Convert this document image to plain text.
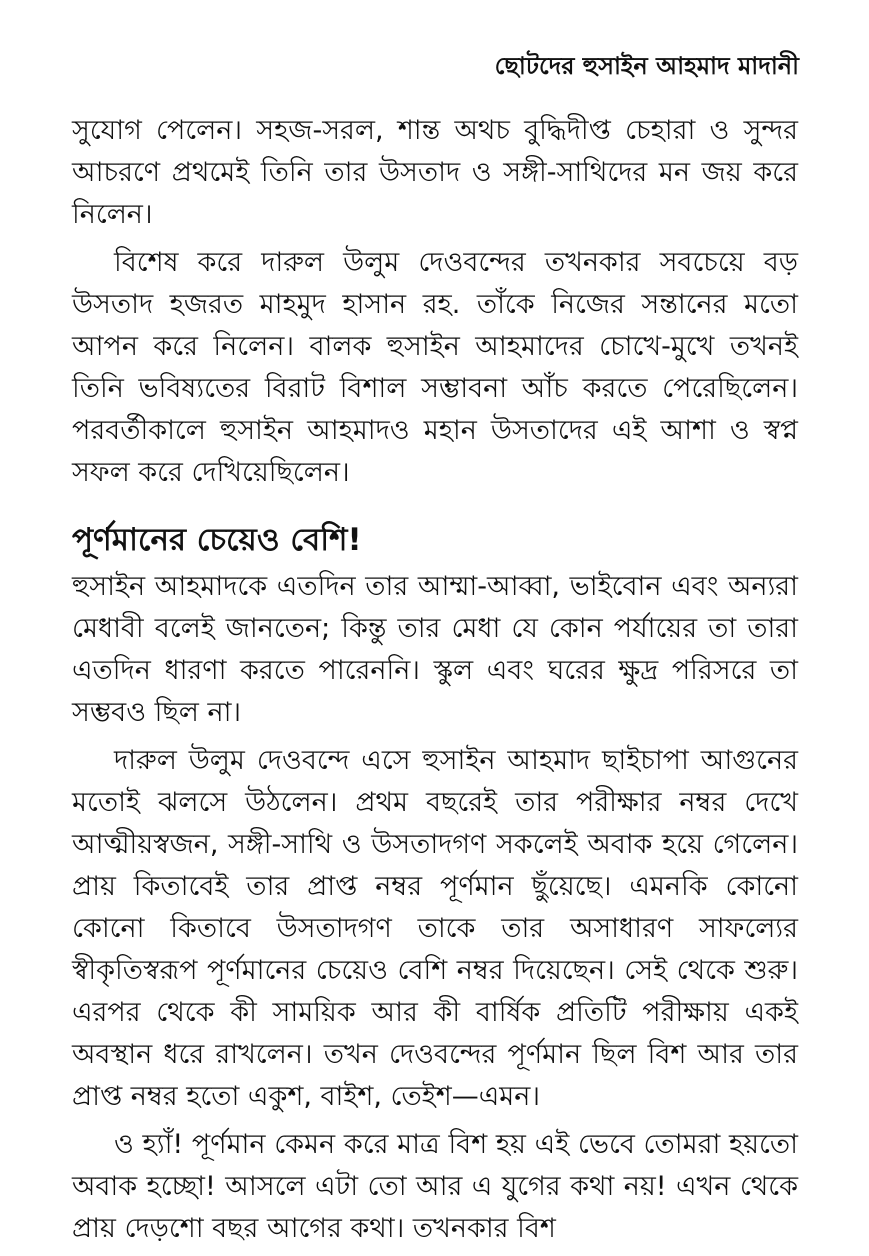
ছোটদের হুসাইন আহমাদ মাদানী

সুযোগ পেলেন। সহজ-সরল, শান্ত অথচ বুদ্ধিদীপ্ত চেহারা ও সুন্দর আচরণে প্রথমেই তিনি তার উসতাদ ও সঙ্গী-সাথিদের মন জয় করে নিলেন।

বিশেষ করে দারুল উলুম দেওবন্দের তখনকার সবচেয়ে বড় উসতাদ হজরত মাহমুদ হাসান রহ. তাঁকে নিজের সন্তানের মতো আপন করে নিলেন। বালক হুসাইন আহমাদের চোখে-মুখে তখনই তিনি ভবিষ্যতের বিরাট বিশাল সম্ভাবনা আঁচ করতে পেরেছিলেন। পরবর্তীকালে হুসাইন আহমাদও মহান উসতাদের এই আশা ও স্বপ্ন সফল করে দেখিয়েছিলেন।

পূর্ণমানের চেয়েও বেশি!

হুসাইন আহমাদকে এতদিন তার আম্মা-আব্বা, ভাইবোন এবং অন্যরা মেধাবী বলেই জানতেন; কিন্তু তার মেধা যে কোন পর্যায়ের তা তারা এতদিন ধারণা করতে পারেননি। স্কুল এবং ঘরের ক্ষুদ্র পরিসরে তা সম্ভবও ছিল না।

দারুল উলুম দেওবন্দে এসে হুসাইন আহমাদ ছাইচাপা আগুনের মতোই ঝলসে উঠলেন। প্রথম বছরেই তার পরীক্ষার নম্বর দেখে আত্মীয়স্বজন, সঙ্গী-সাথি ও উসতাদগণ সকলেই অবাক হয়ে গেলেন। প্রায় কিতাবেই তার প্রাপ্ত নম্বর পূর্ণমান ছুঁয়েছে। এমনকি কোনো কোনো কিতাবে উসতাদগণ তাকে তার অসাধারণ সাফল্যের স্বীকৃতিস্বরূপ পূর্ণমানের চেয়েও বেশি নম্বর দিয়েছেন। সেই থেকে শুরু। এরপর থেকে কী সাময়িক আর কী বার্ষিক প্রতিটি পরীক্ষায় একই অবস্থান ধরে রাখলেন। তখন দেওবন্দের পূর্ণমান ছিল বিশ আর তার প্রাপ্ত নম্বর হতো একুশ, বাইশ, তেইশ—এমন।

ও হ্যাঁ! পূর্ণমান কেমন করে মাত্র বিশ হয় এই ভেবে তোমরা হয়তো অবাক হচ্ছো! আসলে এটা তো আর এ যুগের কথা নয়! এখন থেকে প্রায় দেড়শো বছর আগের কথা। তখনকার বিশ
